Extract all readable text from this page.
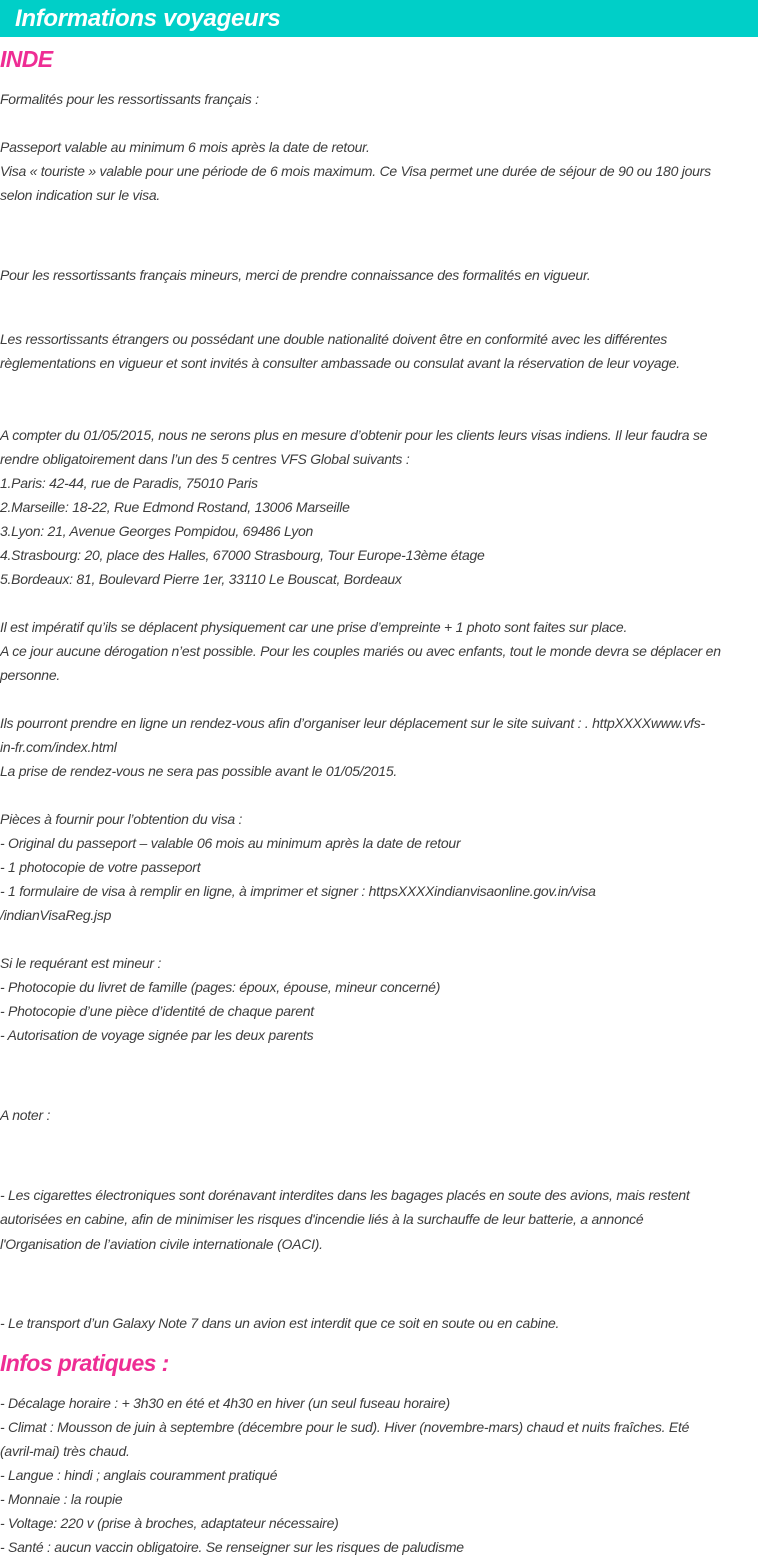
Informations voyageurs
INDE
Formalités pour les ressortissants français :
Passeport valable au minimum 6 mois après la date de retour.
Visa « touriste » valable pour une période de 6 mois maximum. Ce Visa permet une durée de séjour de 90 ou 180 jours
selon indication sur le visa.
Pour les ressortissants français mineurs, merci de prendre connaissance des formalités en vigueur.
Les ressortissants étrangers ou possédant une double nationalité doivent être en conformité avec les différentes
règlementations en vigueur et sont invités à consulter ambassade ou consulat avant la réservation de leur voyage.
A compter du 01/05/2015, nous ne serons plus en mesure d’obtenir pour les clients leurs visas indiens. Il leur faudra se
rendre obligatoirement dans l’un des 5 centres VFS Global suivants :
1.Paris: 42-44, rue de Paradis, 75010 Paris
2.Marseille: 18-22, Rue Edmond Rostand, 13006 Marseille
3.Lyon: 21, Avenue Georges Pompidou, 69486 Lyon
4.Strasbourg: 20, place des Halles, 67000 Strasbourg, Tour Europe-13ème étage
5.Bordeaux: 81, Boulevard Pierre 1er, 33110 Le Bouscat, Bordeaux
Il est impératif qu’ils se déplacent physiquement car une prise d’empreinte + 1 photo sont faites sur place.
A ce jour aucune dérogation n’est possible. Pour les couples mariés ou avec enfants, tout le monde devra se déplacer en
personne.
Ils pourront prendre en ligne un rendez-vous afin d’organiser leur déplacement sur le site suivant : . httpXXXXwww.vfs-
in-fr.com/index.html
La prise de rendez-vous ne sera pas possible avant le 01/05/2015.
Pièces à fournir pour l’obtention du visa :
- Original du passeport – valable 06 mois au minimum après la date de retour
- 1 photocopie de votre passeport
- 1 formulaire de visa à remplir en ligne, à imprimer et signer : httpsXXXXindianvisaonline.gov.in/visa
/indianVisaReg.jsp
Si le requérant est mineur :
- Photocopie du livret de famille (pages: époux, épouse, mineur concerné)
- Photocopie d’une pièce d’identité de chaque parent
- Autorisation de voyage signée par les deux parents
A noter :
- Les cigarettes électroniques sont dorénavant interdites dans les bagages placés en soute des avions, mais restent
autorisées en cabine, afin de minimiser les risques d'incendie liés à la surchauffe de leur batterie, a annoncé
l'Organisation de l’aviation civile internationale (OACI).
- Le transport d’un Galaxy Note 7 dans un avion est interdit que ce soit en soute ou en cabine.
Infos pratiques :
- Décalage horaire : + 3h30 en été et 4h30 en hiver (un seul fuseau horaire)
- Climat : Mousson de juin à septembre (décembre pour le sud). Hiver (novembre-mars) chaud et nuits fraîches. Eté
(avril-mai) très chaud.
- Langue : hindi ; anglais couramment pratiqué
- Monnaie : la roupie
- Voltage: 220 v (prise à broches, adaptateur nécessaire)
- Santé : aucun vaccin obligatoire. Se renseigner sur les risques de paludisme
